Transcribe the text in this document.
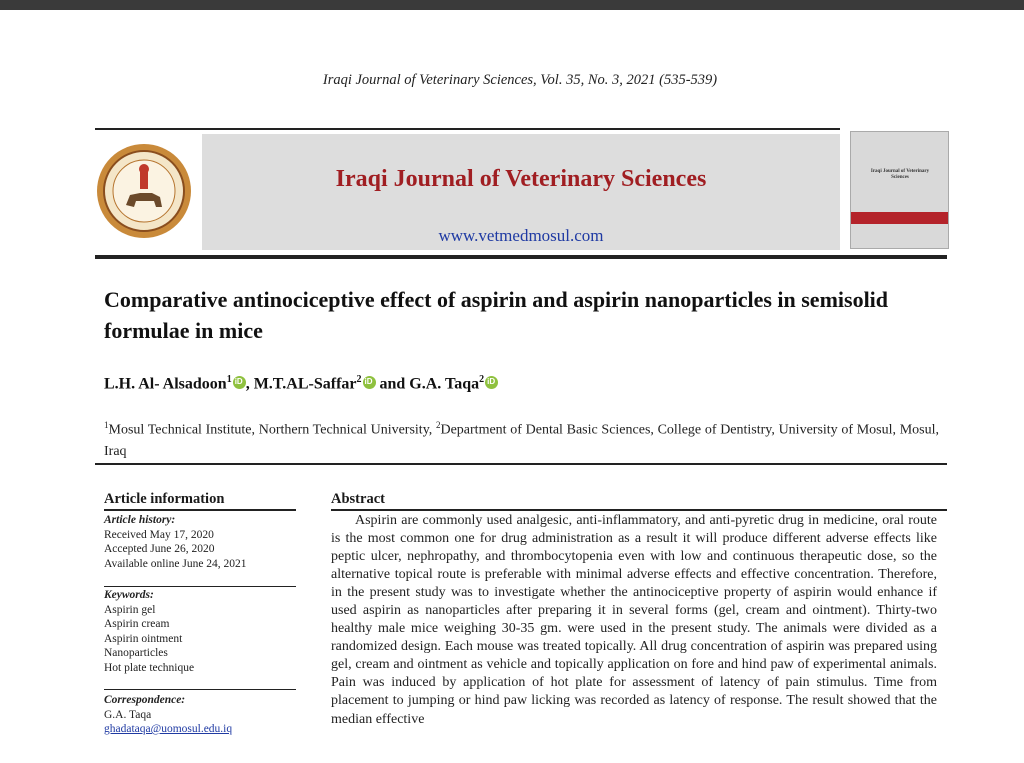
Iraqi Journal of Veterinary Sciences, Vol. 35, No. 3, 2021 (535-539)
Iraqi Journal of Veterinary Sciences
www.vetmedmosul.com
Iraqi Journal of Veterinary Sciences
Comparative antinociceptive effect of aspirin and aspirin nanoparticles in semisolid formulae in mice
L.H. Al- Alsadoon$^1$iD , M.T.AL-Saffar$^2$iD and G.A. Taqa$^2$iD
$^1$Mosul Technical Institute, Northern Technical University, $^2$Department of Dental Basic Sciences, College of Dentistry, University of Mosul, Mosul, Iraq
Article information	Abstract
Article history:
Received May 17, 2020
Accepted June 26, 2020
Available online June 24, 2021
Keywords:
Aspirin gel
Aspirin cream
Aspirin ointment
Nanoparticles
Hot plate technique
Correspondence:
G.A. Taqa
ghadataqa@uomosul.edu.iq
Aspirin are commonly used analgesic, anti-inflammatory, and anti-pyretic drug in medicine, oral route is the most common one for drug administration as a result it will produce different adverse effects like peptic ulcer, nephropathy, and thrombocytopenia even with low and continuous therapeutic dose, so the alternative topical route is preferable with minimal adverse effects and effective concentration. Therefore, in the present study was to investigate whether the antinociceptive property of aspirin would enhance if used aspirin as nanoparticles after preparing it in several forms (gel, cream and ointment). Thirty-two healthy male mice weighing 30-35 gm. were used in the present study. The animals were divided as a randomized design. Each mouse was treated topically. All drug concentration of aspirin was prepared using gel, cream and ointment as vehicle and topically application on fore and hind paw of experimental animals. Pain was induced by application of hot plate for assessment of latency of pain stimulus. Time from placement to jumping or hind paw licking was recorded as latency of response. The result showed that the median effective
